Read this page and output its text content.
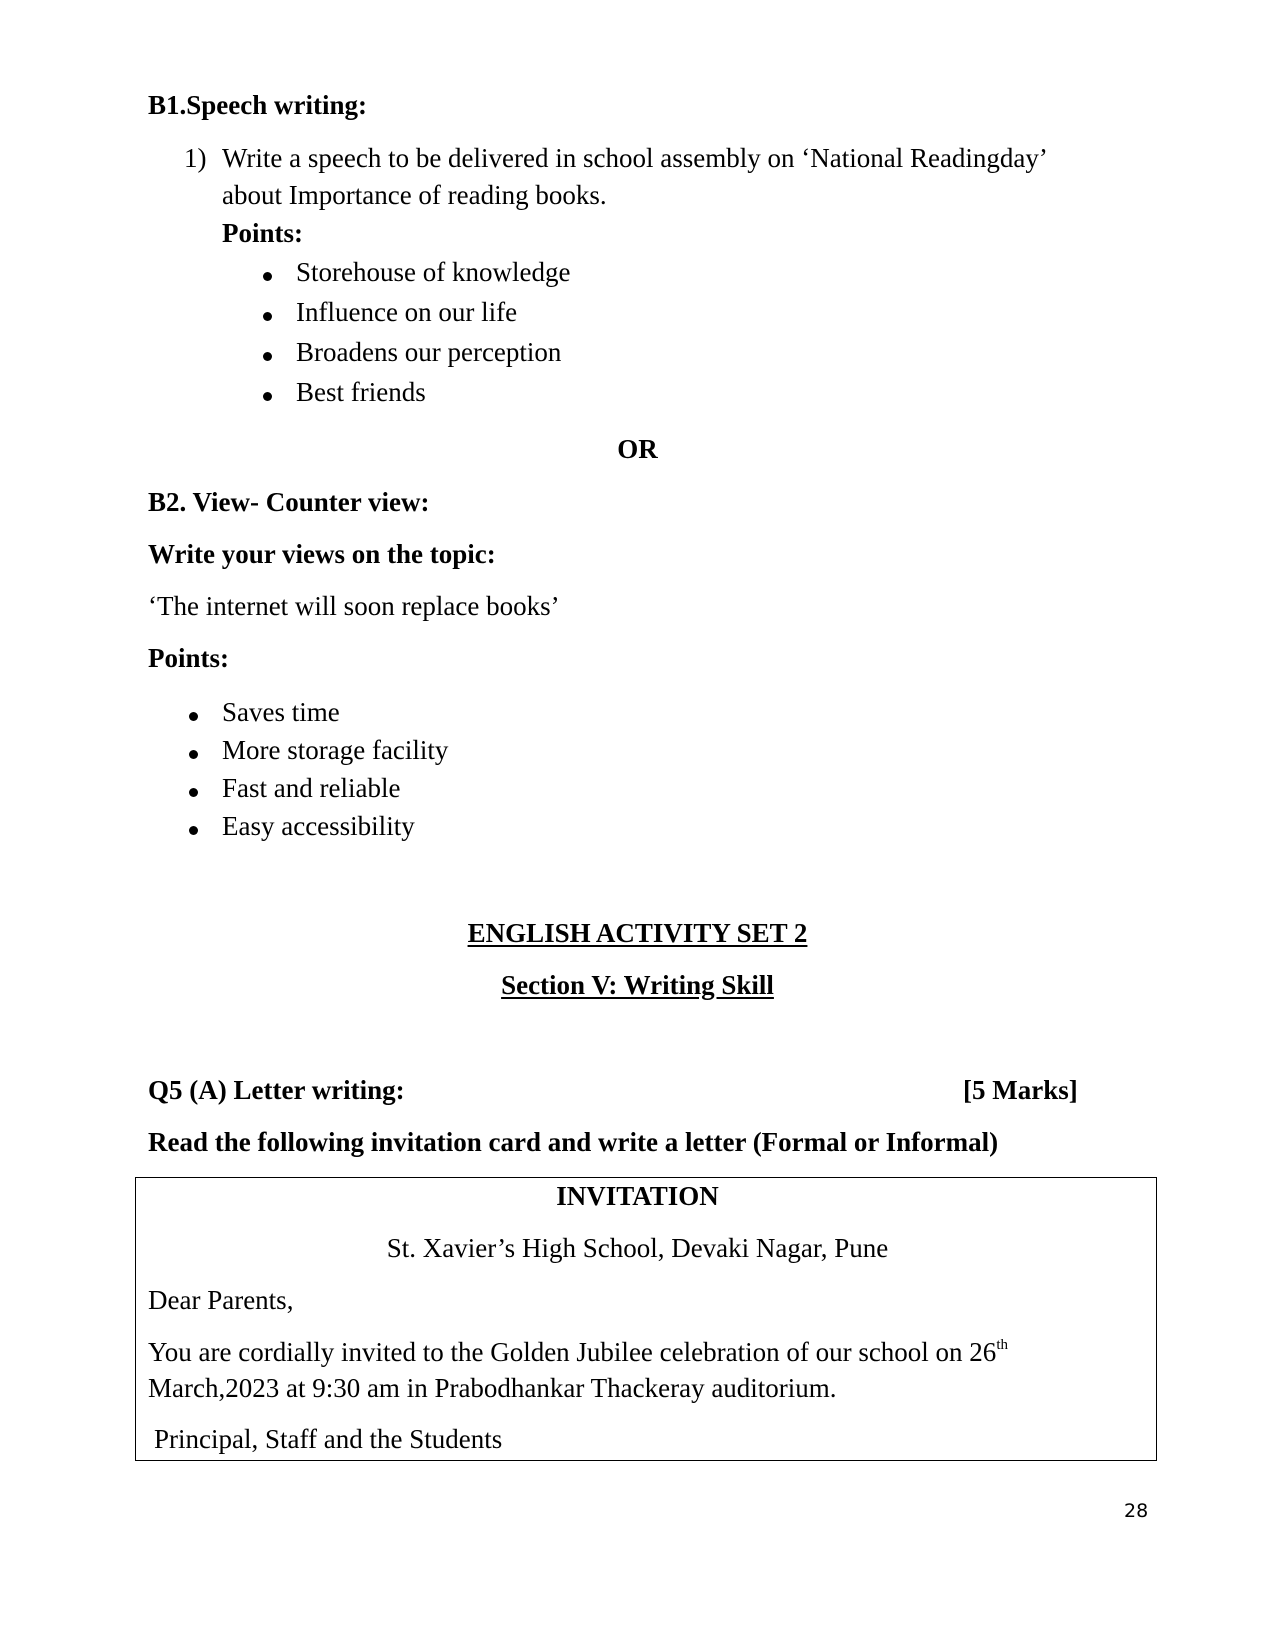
B1.Speech writing:
1) Write a speech to be delivered in school assembly on ‘National Readingday’
about Importance of reading books.
Points:
Storehouse of knowledge
Influence on our life
Broadens our perception
Best friends
OR
B2. View- Counter view:
Write your views on the topic:
‘The internet will soon replace books’
Points:
Saves time
More storage facility
Fast and reliable
Easy accessibility
ENGLISH ACTIVITY SET 2
Section V: Writing Skill
Q5 (A) Letter writing:	[5 Marks]
Read the following invitation card and write a letter (Formal or Informal)
INVITATION
St. Xavier’s High School, Devaki Nagar, Pune
Dear Parents,
You are cordially invited to the Golden Jubilee celebration of our school on 26th
March,2023 at 9:30 am in Prabodhankar Thackeray auditorium.
Principal, Staff and the Students
28
